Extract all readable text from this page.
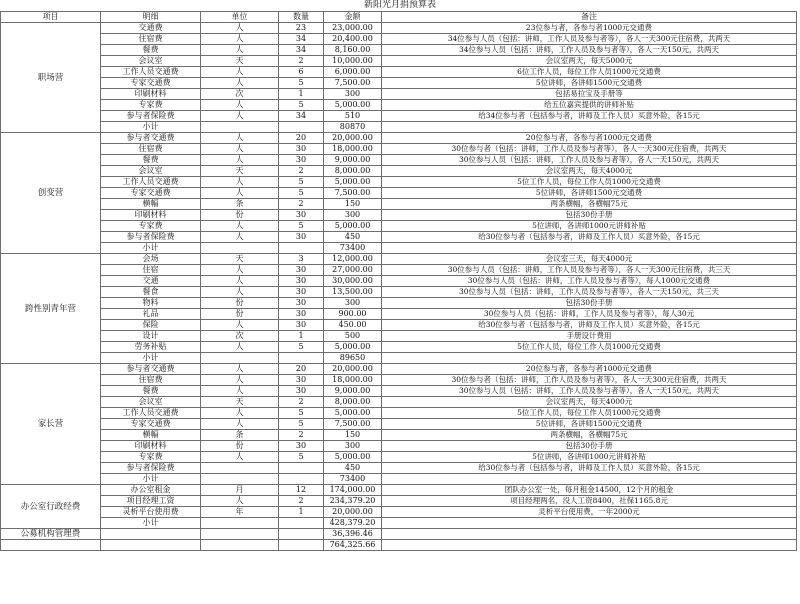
新阳光月捐预算表
项目	明细	单位	数量	金额	备注
职场营	交通费	人	23	23,000.00	23位参与者，各参与者1000元交通费
	住宿费	人	34	20,400.00	34位参与人员（包括：讲师，工作人员及参与者等），各人一天300元住宿费，共两天
	餐费	人	34	8,160.00	34位参与人员（包括：讲师，工作人员及参与者等），各人一天150元，共两天
	会议室	天	2	10,000.00	会议室两天，每天5000元
	工作人员交通费	人	6	6,000.00	6位工作人员，每位工作人员1000元交通费
	专家交通费	人	5	7,500.00	5位讲师，各讲师1500元交通费
	印刷材料	次	1	300	包括易拉宝及手册等
	专家费	人	5	5,000.00	给五位嘉宾提供的讲师补贴
	参与者保险费	人	34	510	给34位参与者（包括参与者，讲师及工作人员）买意外险，各15元
	小计			80870	
创变营	参与者交通费	人	20	20,000.00	20位参与者，各参与者1000元交通费
	住宿费	人	30	18,000.00	30位参与者（包括：讲师，工作人员及参与者等），各人一天300元住宿费，共两天
	餐费	人	30	9,000.00	30位参与人员（包括：讲师，工作人员及参与者等），各人一天150元，共两天
	会议室	天	2	8,000.00	会议室两天，每天4000元
	工作人员交通费	人	5	5,000.00	5位工作人员，每位工作人员1000元交通费
	专家交通费	人	5	7,500.00	5位讲师，各讲师1500元交通费
	横幅	条	2	150	两条横幅，各横幅75元
	印刷材料	份	30	300	包括30份手册
	专家费	人	5	5,000.00	5位讲师，各讲师1000元讲师补贴
	参与者保险费	人	30	450	给30位参与者（包括参与者，讲师及工作人员）买意外险，各15元
	小计			73400	
跨性别青年营	会场	天	3	12,000.00	会议室三天，每天4000元
	住宿	人	30	27,000.00	30位参与人员（包括：讲师，工作人员及参与者等），各人一天300元住宿费，共三天
	交通	人	30	30,000.00	30位参与人员（包括：讲师，工作人员及参与者等），每人1000元交通费
	餐食	人	30	13,500.00	30位参与人员（包括：讲师，工作人员及参与者等），各人一天150元，共三天
	物料	份	30	300	包括30份手册
	礼品	份	30	900.00	30位参与人员（包括：讲师，工作人员及参与者等），每人30元
	保险	人	30	450.00	给30位参与者（包括参与者，讲师及工作人员）买意外险，各15元
	设计	次	1	500	手册设计费用
	劳务补贴	人	5	5,000.00	5位工作人员，每位工作人员1000元交通费
	小计			89650	
家长营	参与者交通费	人	20	20,000.00	20位参与者，各参与者1000元交通费
	住宿费	人	30	18,000.00	30位参与者（包括：讲师，工作人员及参与者等），各人一天300元住宿费，共两天
	餐费	人	30	9,000.00	30位参与人员（包括：讲师，工作人员及参与者等），各人一天150元，共两天
	会议室	天	2	8,000.00	会议室两天，每天4000元
	工作人员交通费	人	5	5,000.00	5位工作人员，每位工作人员1000元交通费
	专家交通费	人	5	7,500.00	5位讲师，各讲师1500元交通费
	横幅	条	2	150	两条横幅，各横幅75元
	印刷材料	份	30	300	包括30份手册
	专家费	人	5	5,000.00	5位讲师，各讲师1000元讲师补贴
	参与者保险费			450	给30位参与者（包括参与者，讲师及工作人员）买意外险，各15元
	小计			73400	
办公室行政经费	办公室租金	月	12	174,000.00	团队办公室一处，每月租金14500，12个月的租金
	项目经理工资	人	2	234,379.20	项目经理两名，没人工资8400，社保1165.8元
	灵析平台使用费	年	1	20,000.00	灵析平台使用费，一年2000元
	小计			428,379.20	
公募机构管理费				36,396.46	
				764,325.66	
